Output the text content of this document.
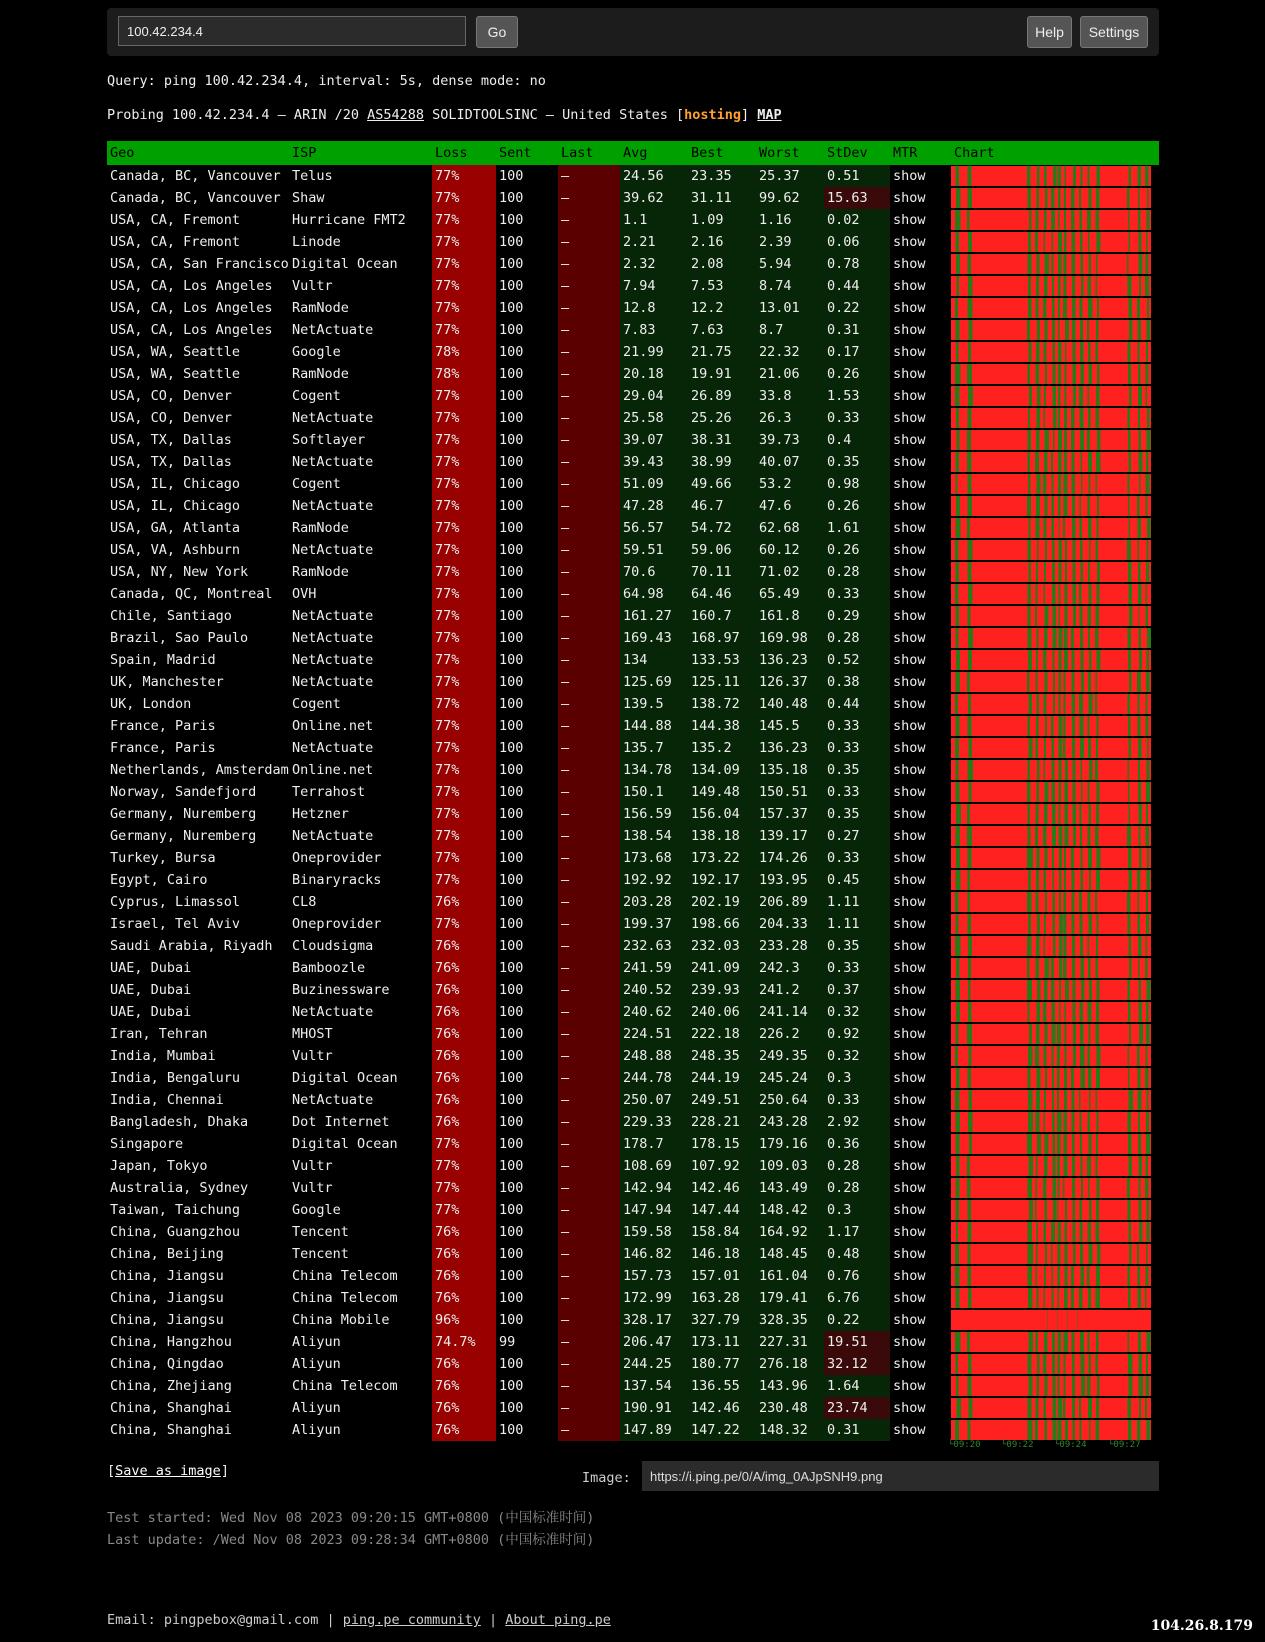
100.42.234.4
Go	Help	Settings
Query: ping 100.42.234.4, interval: 5s, dense mode: no
Probing 100.42.234.4 – ARIN /20 AS54288 SOLIDTOOLSINC – United States [hosting] MAP
Geo	ISP	Loss	Sent	Last	Avg	Best	Worst	StDev	MTR	Chart
Canada, BC, Vancouver	Telus	77%	100	–	24.56	23.35	25.37	0.51	show	

Canada, BC, Vancouver	Shaw	77%	100	–	39.62	31.11	99.62	15.63	show	

USA, CA, Fremont	Hurricane FMT2	77%	100	–	1.1	1.09	1.16	0.02	show	

USA, CA, Fremont	Linode	77%	100	–	2.21	2.16	2.39	0.06	show	

USA, CA, San Francisco	Digital Ocean	77%	100	–	2.32	2.08	5.94	0.78	show	

USA, CA, Los Angeles	Vultr	77%	100	–	7.94	7.53	8.74	0.44	show	

USA, CA, Los Angeles	RamNode	77%	100	–	12.8	12.2	13.01	0.22	show	

USA, CA, Los Angeles	NetActuate	77%	100	–	7.83	7.63	8.7	0.31	show	

USA, WA, Seattle	Google	78%	100	–	21.99	21.75	22.32	0.17	show	

USA, WA, Seattle	RamNode	78%	100	–	20.18	19.91	21.06	0.26	show	

USA, CO, Denver	Cogent	77%	100	–	29.04	26.89	33.8	1.53	show	

USA, CO, Denver	NetActuate	77%	100	–	25.58	25.26	26.3	0.33	show	

USA, TX, Dallas	Softlayer	77%	100	–	39.07	38.31	39.73	0.4	show	

USA, TX, Dallas	NetActuate	77%	100	–	39.43	38.99	40.07	0.35	show	

USA, IL, Chicago	Cogent	77%	100	–	51.09	49.66	53.2	0.98	show	

USA, IL, Chicago	NetActuate	77%	100	–	47.28	46.7	47.6	0.26	show	

USA, GA, Atlanta	RamNode	77%	100	–	56.57	54.72	62.68	1.61	show	

USA, VA, Ashburn	NetActuate	77%	100	–	59.51	59.06	60.12	0.26	show	

USA, NY, New York	RamNode	77%	100	–	70.6	70.11	71.02	0.28	show	

Canada, QC, Montreal	OVH	77%	100	–	64.98	64.46	65.49	0.33	show	

Chile, Santiago	NetActuate	77%	100	–	161.27	160.7	161.8	0.29	show	

Brazil, Sao Paulo	NetActuate	77%	100	–	169.43	168.97	169.98	0.28	show	

Spain, Madrid	NetActuate	77%	100	–	134	133.53	136.23	0.52	show	

UK, Manchester	NetActuate	77%	100	–	125.69	125.11	126.37	0.38	show	

UK, London	Cogent	77%	100	–	139.5	138.72	140.48	0.44	show	

France, Paris	Online.net	77%	100	–	144.88	144.38	145.5	0.33	show	

France, Paris	NetActuate	77%	100	–	135.7	135.2	136.23	0.33	show	

Netherlands, Amsterdam	Online.net	77%	100	–	134.78	134.09	135.18	0.35	show	

Norway, Sandefjord	Terrahost	77%	100	–	150.1	149.48	150.51	0.33	show	

Germany, Nuremberg	Hetzner	77%	100	–	156.59	156.04	157.37	0.35	show	

Germany, Nuremberg	NetActuate	77%	100	–	138.54	138.18	139.17	0.27	show	

Turkey, Bursa	Oneprovider	77%	100	–	173.68	173.22	174.26	0.33	show	

Egypt, Cairo	Binaryracks	77%	100	–	192.92	192.17	193.95	0.45	show	

Cyprus, Limassol	CL8	76%	100	–	203.28	202.19	206.89	1.11	show	

Israel, Tel Aviv	Oneprovider	77%	100	–	199.37	198.66	204.33	1.11	show	

Saudi Arabia, Riyadh	Cloudsigma	76%	100	–	232.63	232.03	233.28	0.35	show	

UAE, Dubai	Bamboozle	76%	100	–	241.59	241.09	242.3	0.33	show	

UAE, Dubai	Buzinessware	76%	100	–	240.52	239.93	241.2	0.37	show	

UAE, Dubai	NetActuate	76%	100	–	240.62	240.06	241.14	0.32	show	

Iran, Tehran	MHOST	76%	100	–	224.51	222.18	226.2	0.92	show	

India, Mumbai	Vultr	76%	100	–	248.88	248.35	249.35	0.32	show	

India, Bengaluru	Digital Ocean	76%	100	–	244.78	244.19	245.24	0.3	show	

India, Chennai	NetActuate	76%	100	–	250.07	249.51	250.64	0.33	show	

Bangladesh, Dhaka	Dot Internet	76%	100	–	229.33	228.21	243.28	2.92	show	

Singapore	Digital Ocean	77%	100	–	178.7	178.15	179.16	0.36	show	

Japan, Tokyo	Vultr	77%	100	–	108.69	107.92	109.03	0.28	show	

Australia, Sydney	Vultr	77%	100	–	142.94	142.46	143.49	0.28	show	

Taiwan, Taichung	Google	77%	100	–	147.94	147.44	148.42	0.3	show	

China, Guangzhou	Tencent	76%	100	–	159.58	158.84	164.92	1.17	show	

China, Beijing	Tencent	76%	100	–	146.82	146.18	148.45	0.48	show	

China, Jiangsu	China Telecom	76%	100	–	157.73	157.01	161.04	0.76	show	

China, Jiangsu	China Telecom	76%	100	–	172.99	163.28	179.41	6.76	show	

China, Jiangsu	China Mobile	96%	100	–	328.17	327.79	328.35	0.22	show	

China, Hangzhou	Aliyun	74.7%	99	–	206.47	173.11	227.31	19.51	show	

China, Qingdao	Aliyun	76%	100	–	244.25	180.77	276.18	32.12	show	

China, Zhejiang	China Telecom	76%	100	–	137.54	136.55	143.96	1.64	show	

China, Shanghai	Aliyun	76%	100	–	190.91	142.46	230.48	23.74	show	

China, Shanghai	Aliyun	76%	100	–	147.89	147.22	148.32	0.31	show	
└09:20 └09:22 └09:24 └09:27
[Save as image]	Image:
https://i.ping.pe/0/A/img_0AJpSNH9.png
Test started: Wed Nov 08 2023 09:20:15 GMT+0800 (中国标准时间)
Last update: /Wed Nov 08 2023 09:28:34 GMT+0800 (中国标准时间)
Email: pingpebox@gmail.com | ping.pe community | About ping.pe	104.26.8.179
